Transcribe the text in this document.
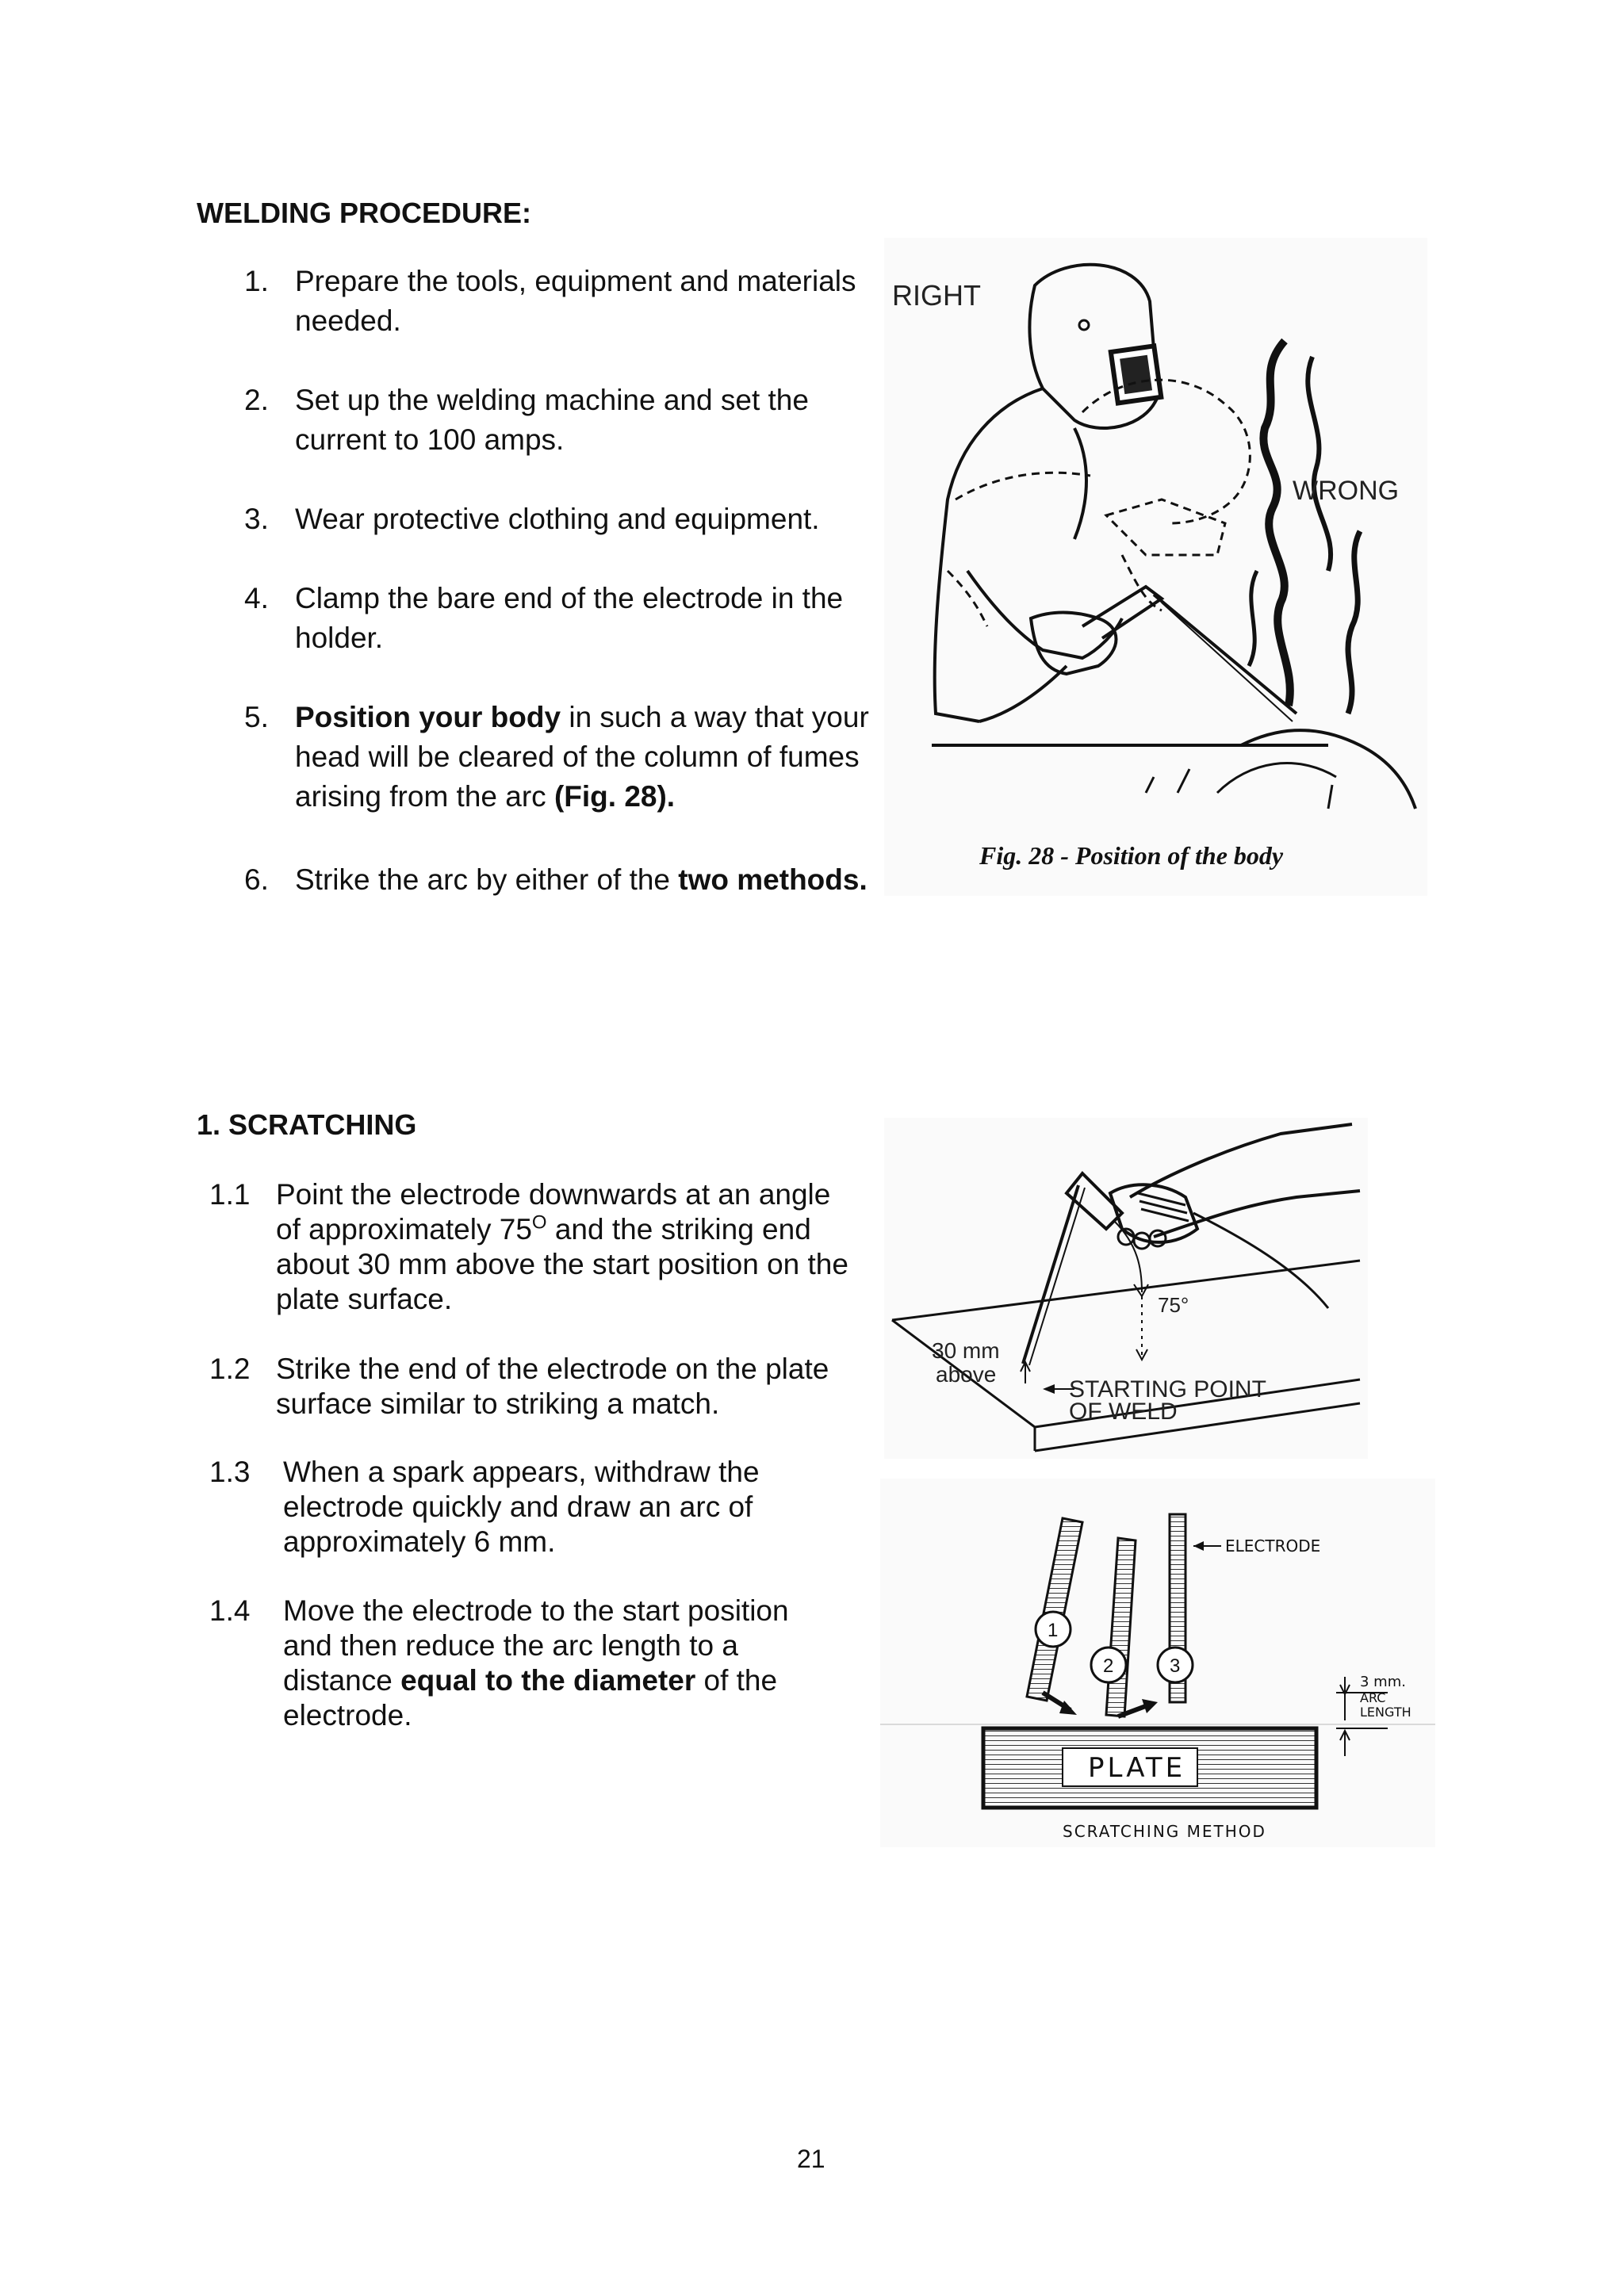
WELDING PROCEDURE:
1. Prepare the tools, equipment and materials needed.
2. Set up the welding machine and set the current to 100 amps.
3. Wear protective clothing and equipment.
4. Clamp the bare end of the electrode in the holder.
5. Position your body in such a way that your head will be cleared of the column of fumes arising from the arc (Fig. 28).
6. Strike the arc by either of the two methods.
RIGHT
WRONG
Fig. 28 - Position of the body
1. SCRATCHING
1.1 Point the electrode downwards at an angle of approximately $75^O$ and the striking end about 30 mm above the start position on the plate surface.
1.2 Strike the end of the electrode on the plate surface similar to striking a match.
1.3 When a spark appears, withdraw the electrode quickly and draw an arc of approximately 6 mm.
1.4 Move the electrode to the start position and then reduce the arc length to a distance equal to the diameter of the electrode.
75°
30 mm
above
STARTING POINT
OF WELD
1
2	3
ELECTRODE
PLATE
3 mm.
ARC
LENGTH
SCRATCHING METHOD
21
